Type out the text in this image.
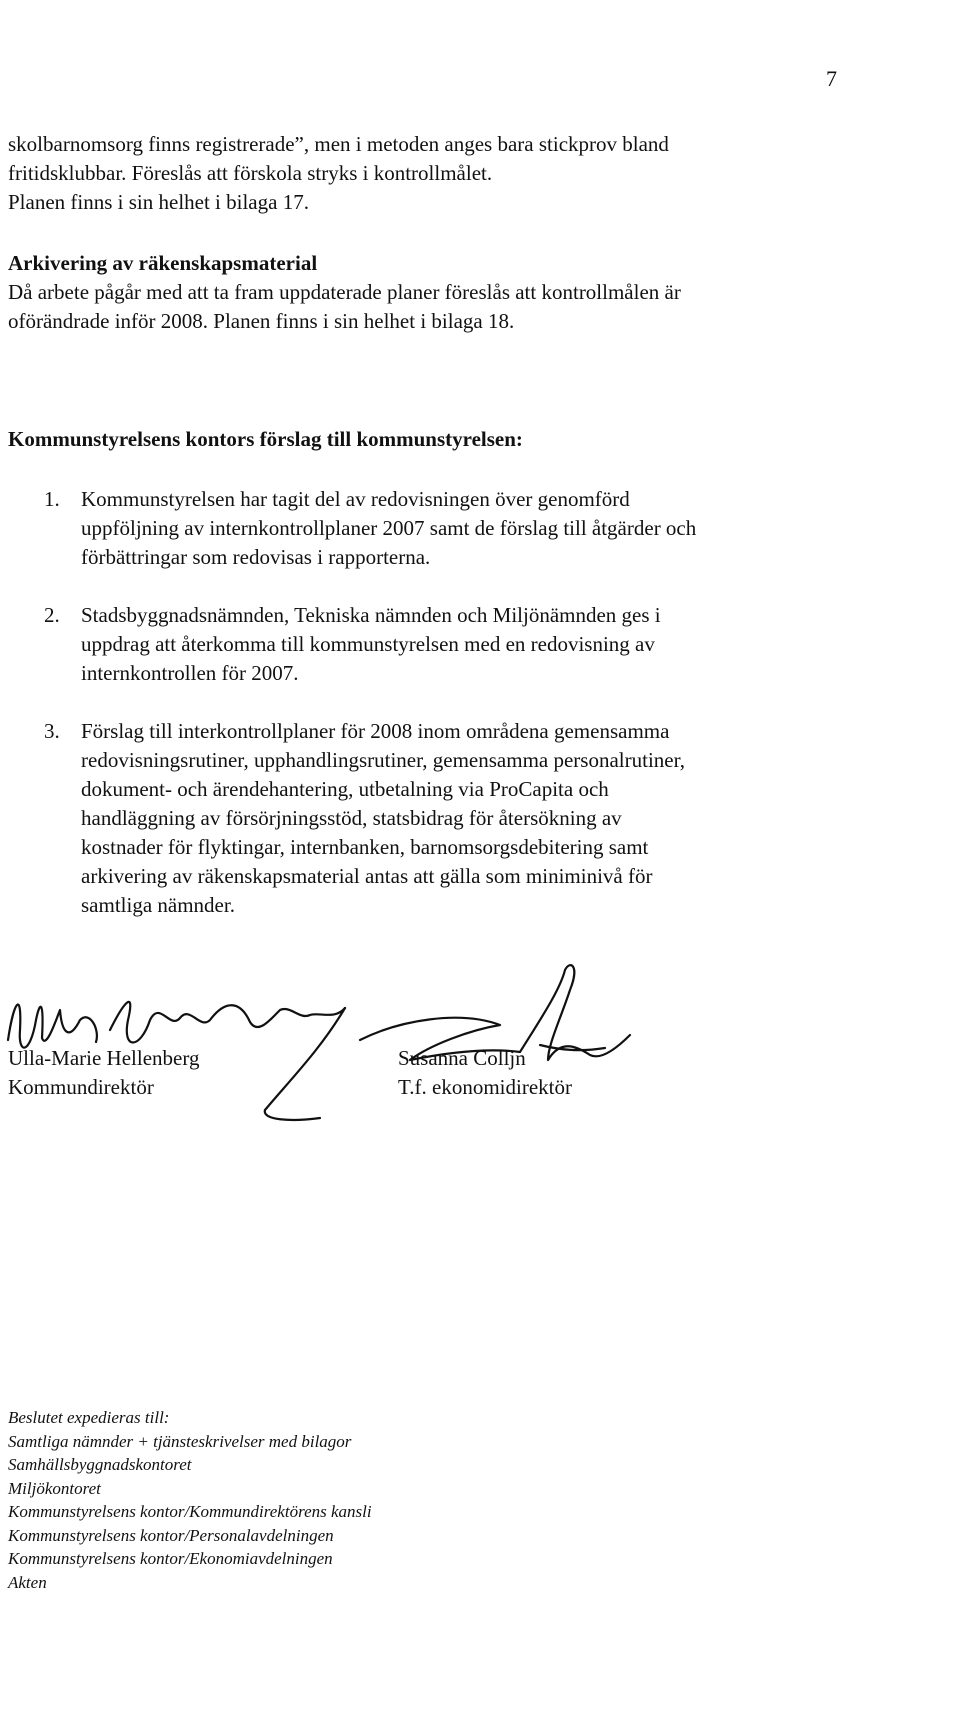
7
skolbarnomsorg finns registrerade”, men i metoden anges bara stickprov bland
fritidsklubbar. Föreslås att förskola stryks i kontrollmålet.
Planen finns i sin helhet i bilaga 17.
Arkivering av räkenskapsmaterial
Då arbete pågår med att ta fram uppdaterade planer föreslås att kontrollmålen är
oförändrade inför 2008. Planen finns i sin helhet i bilaga 18.
Kommunstyrelsens kontors förslag till kommunstyrelsen:
1. Kommunstyrelsen har tagit del av redovisningen över genomförd
uppföljning av internkontrollplaner 2007 samt de förslag till åtgärder och
förbättringar som redovisas i rapporterna.
2. Stadsbyggnadsnämnden, Tekniska nämnden och Miljönämnden ges i
uppdrag att återkomma till kommunstyrelsen med en redovisning av
internkontrollen för 2007.
3. Förslag till interkontrollplaner för 2008 inom områdena gemensamma
redovisningsrutiner, upphandlingsrutiner, gemensamma personalrutiner,
dokument- och ärendehantering, utbetalning via ProCapita och
handläggning av försörjningsstöd, statsbidrag för återsökning av
kostnader för flyktingar, internbanken, barnomsorgsdebitering samt
arkivering av räkenskapsmaterial antas att gälla som miniminivå för
samtliga nämnder.
Ulla-Marie Hellenberg
Kommundirektör
Susanna Colljn
T.f. ekonomidirektör
Beslutet expedieras till:
Samtliga nämnder + tjänsteskrivelser med bilagor
Samhällsbyggnadskontoret
Miljökontoret
Kommunstyrelsens kontor/Kommundirektörens kansli
Kommunstyrelsens kontor/Personalavdelningen
Kommunstyrelsens kontor/Ekonomiavdelningen
Akten
